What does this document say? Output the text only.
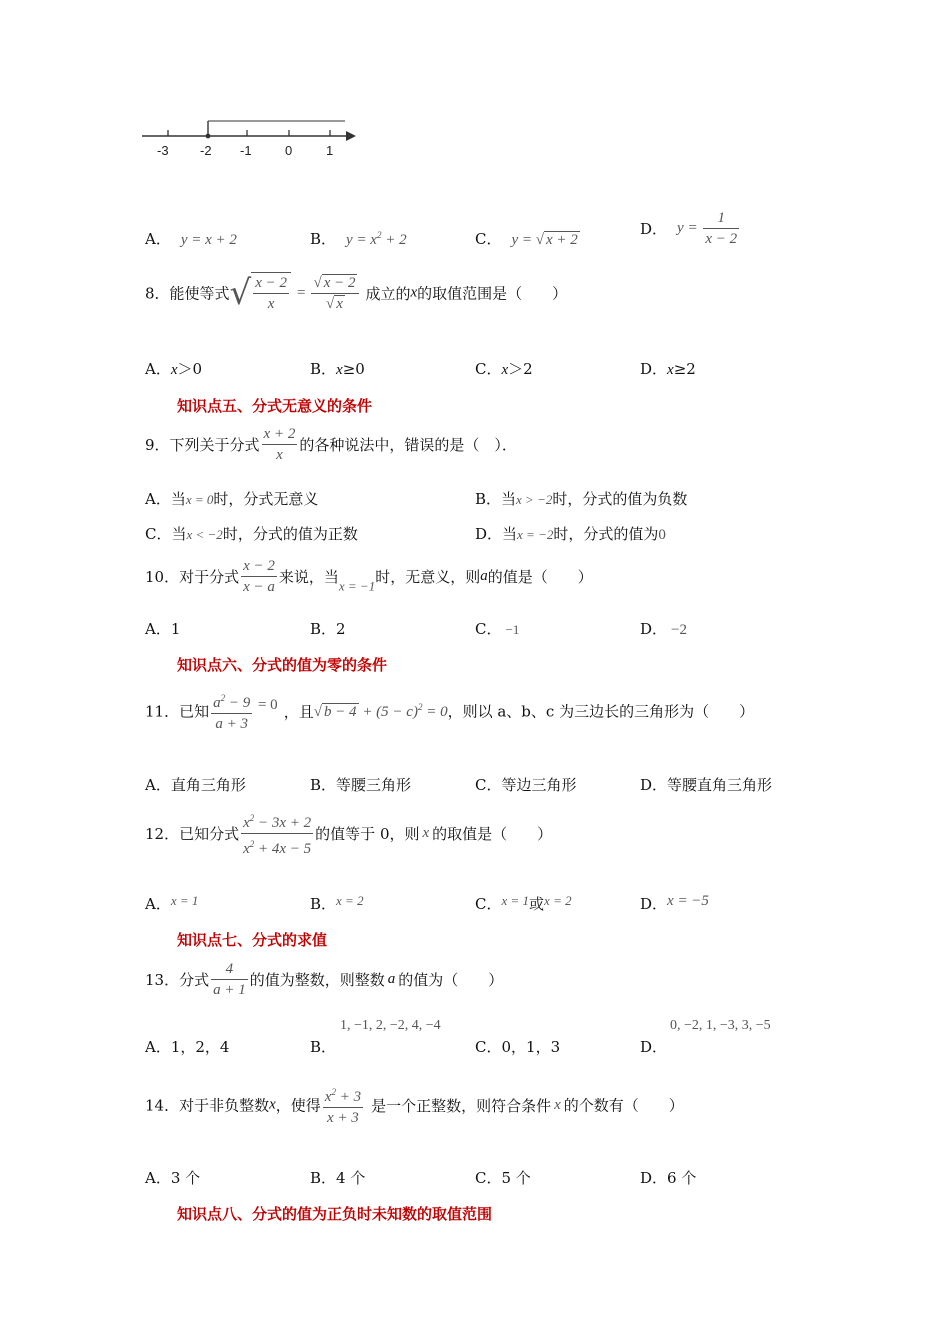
-3 -2 -1	0	1
A． y = x + 2	B． $y = x^2 + 2$	C． y = √ x + 2
D． $y = \frac{1}{x - 2}$
8．能使等式√ $\frac{x - 2}{x} = \frac{√ x - 2}{√ x}$ 成立的x的取值范围是（　　）
A．x＞0	B．x≥0	C．x＞2	D．x≥2
知识点五、分式无意义的条件
9．下列关于分式 $\frac{x + 2}{x}$ 的各种说法中，错误的是（　）．
A．当x = 0时，分式无意义	B．当x > −2时，分式的值为负数
C．当x < −2时，分式的值为正数	D．当x = −2时，分式的值为0
10．对于分式 $\frac{x - 2}{x - a}$ 来说，当x = −1时，无意义，则a的值是（　　）
A．1	B．2	C． −1	D． −2
知识点六、分式的值为零的条件
11．已知 $\frac{a^2 - 9}{a + 3} = 0$ ，且√ $b - 4 + (5 - c)^2 = 0$，则以 a、b、c 为三边长的三角形为（　　）
A．直角三角形	B．等腰三角形	C．等边三角形	D．等腰直角三角形
12．已知分式 $\frac{x^2 - 3x + 2}{x^2 + 4x - 5}$ 的值等于 0，则 x 的取值是（　　）
A．x = 1	B．x = 2	C．x = 1或x = 2	D．x = −5
知识点七、分式的求值
13．分式 $\frac{4}{a + 1}$ 的值为整数，则整数 a 的值为（　　）
A．1，2，4	B．
1, −1, 2, −2, 4, −4
C．0，1，3	D．
0, −2, 1, −3, 3, −5
14．对于非负整数x，使得 $\frac{x^2 + 3}{x + 3}$ 是一个正整数，则符合条件 x 的个数有（　　）
A．3 个	B．4 个	C．5 个	D．6 个
知识点八、分式的值为正负时未知数的取值范围
